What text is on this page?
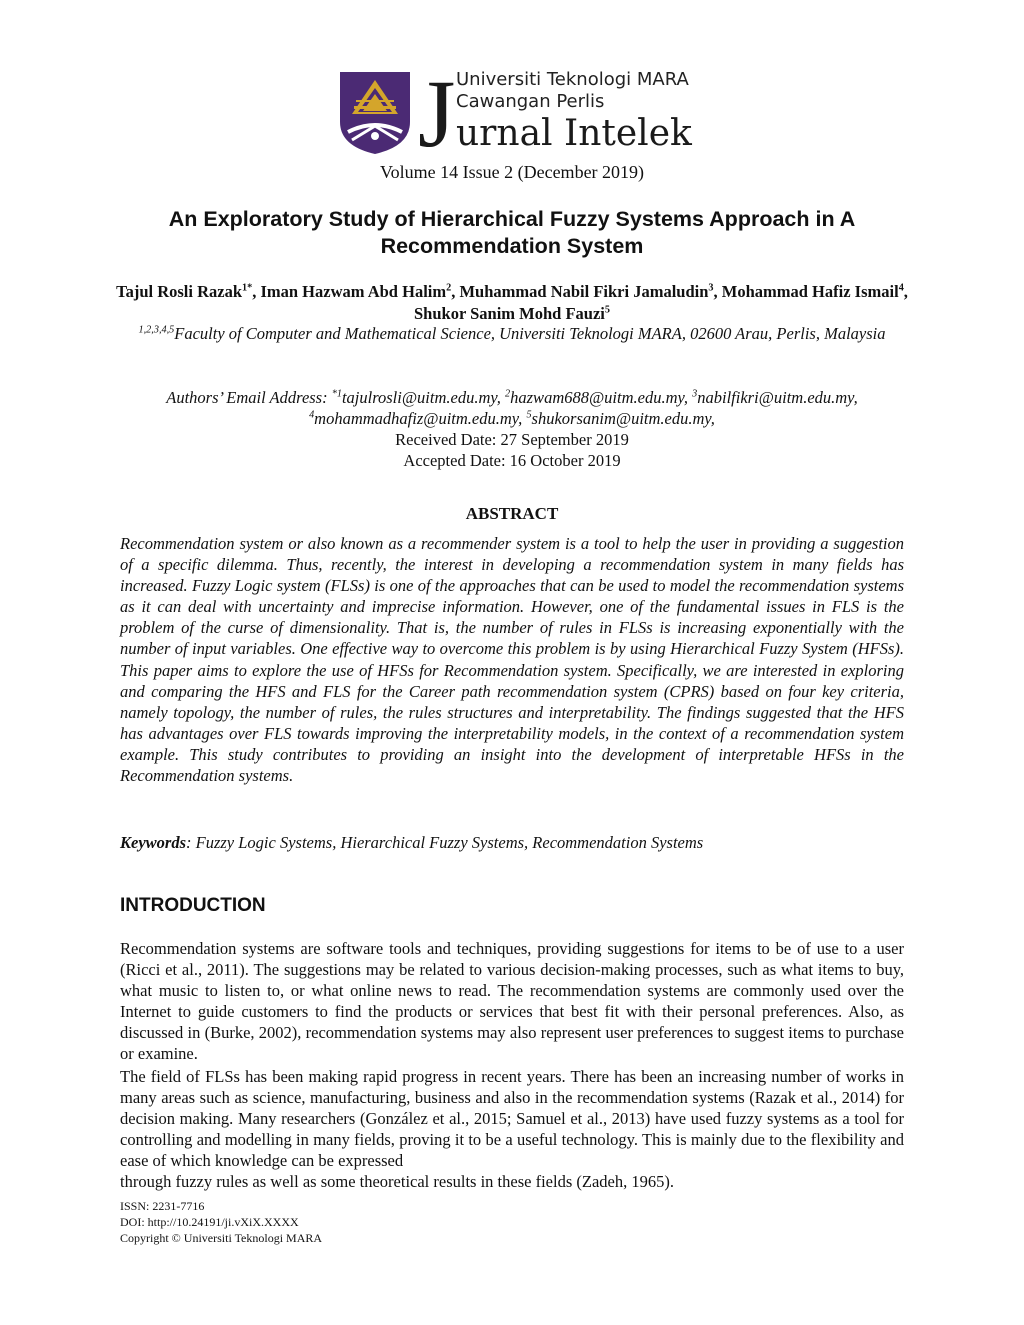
J Universiti Teknologi MARA
Cawangan Perlis
urnal Intelek
Volume 14 Issue 2 (December 2019)
An Exploratory Study of Hierarchical Fuzzy Systems Approach in A Recommendation System
Tajul Rosli Razak$^{1*}$, Iman Hazwam Abd Halim$^2$, Muhammad Nabil Fikri Jamaludin$^3$, Mohammad Hafiz Ismail$^4$, Shukor Sanim Mohd Fauzi$^5$
$^{1,2,3,4,5}$Faculty of Computer and Mathematical Science, Universiti Teknologi MARA, 02600 Arau, Perlis, Malaysia
Authors’ Email Address: $^{*1}$tajulrosli@uitm.edu.my, $^2$hazwam688@uitm.edu.my, $^3$nabilfikri@uitm.edu.my,
$^4$mohammadhafiz@uitm.edu.my, $^5$shukorsanim@uitm.edu.my,
Received Date: 27 September 2019
Accepted Date: 16 October 2019
ABSTRACT
Recommendation system or also known as a recommender system is a tool to help the user in providing a suggestion of a specific dilemma. Thus, recently, the interest in developing a recommendation system in many fields has increased. Fuzzy Logic system (FLSs) is one of the approaches that can be used to model the recommendation systems as it can deal with uncertainty and imprecise information. However, one of the fundamental issues in FLS is the problem of the curse of dimensionality. That is, the number of rules in FLSs is increasing exponentially with the number of input variables. One effective way to overcome this problem is by using Hierarchical Fuzzy System (HFSs). This paper aims to explore the use of HFSs for Recommendation system. Specifically, we are interested in exploring and comparing the HFS and FLS for the Career path recommendation system (CPRS) based on four key criteria, namely topology, the number of rules, the rules structures and interpretability. The findings suggested that the HFS has advantages over FLS towards improving the interpretability models, in the context of a recommendation system example. This study contributes to providing an insight into the development of interpretable HFSs in the Recommendation systems.
Keywords: Fuzzy Logic Systems, Hierarchical Fuzzy Systems, Recommendation Systems
INTRODUCTION
Recommendation systems are software tools and techniques, providing suggestions for items to be of use to a user (Ricci et al., 2011). The suggestions may be related to various decision-making processes, such as what items to buy, what music to listen to, or what online news to read. The recommendation systems are commonly used over the Internet to guide customers to find the products or services that best fit with their personal preferences. Also, as discussed in (Burke, 2002), recommendation systems may also represent user preferences to suggest items to purchase or examine.
The field of FLSs has been making rapid progress in recent years. There has been an increasing number of works in many areas such as science, manufacturing, business and also in the recommendation systems (Razak et al., 2014) for decision making. Many researchers (González et al., 2015; Samuel et al., 2013) have used fuzzy systems as a tool for controlling and modelling in many fields, proving it to be a useful technology. This is mainly due to the flexibility and ease of which knowledge can be expressed
through fuzzy rules as well as some theoretical results in these fields (Zadeh, 1965).
ISSN: 2231-7716
DOI: http://10.24191/ji.vXiX.XXXX
Copyright © Universiti Teknologi MARA
